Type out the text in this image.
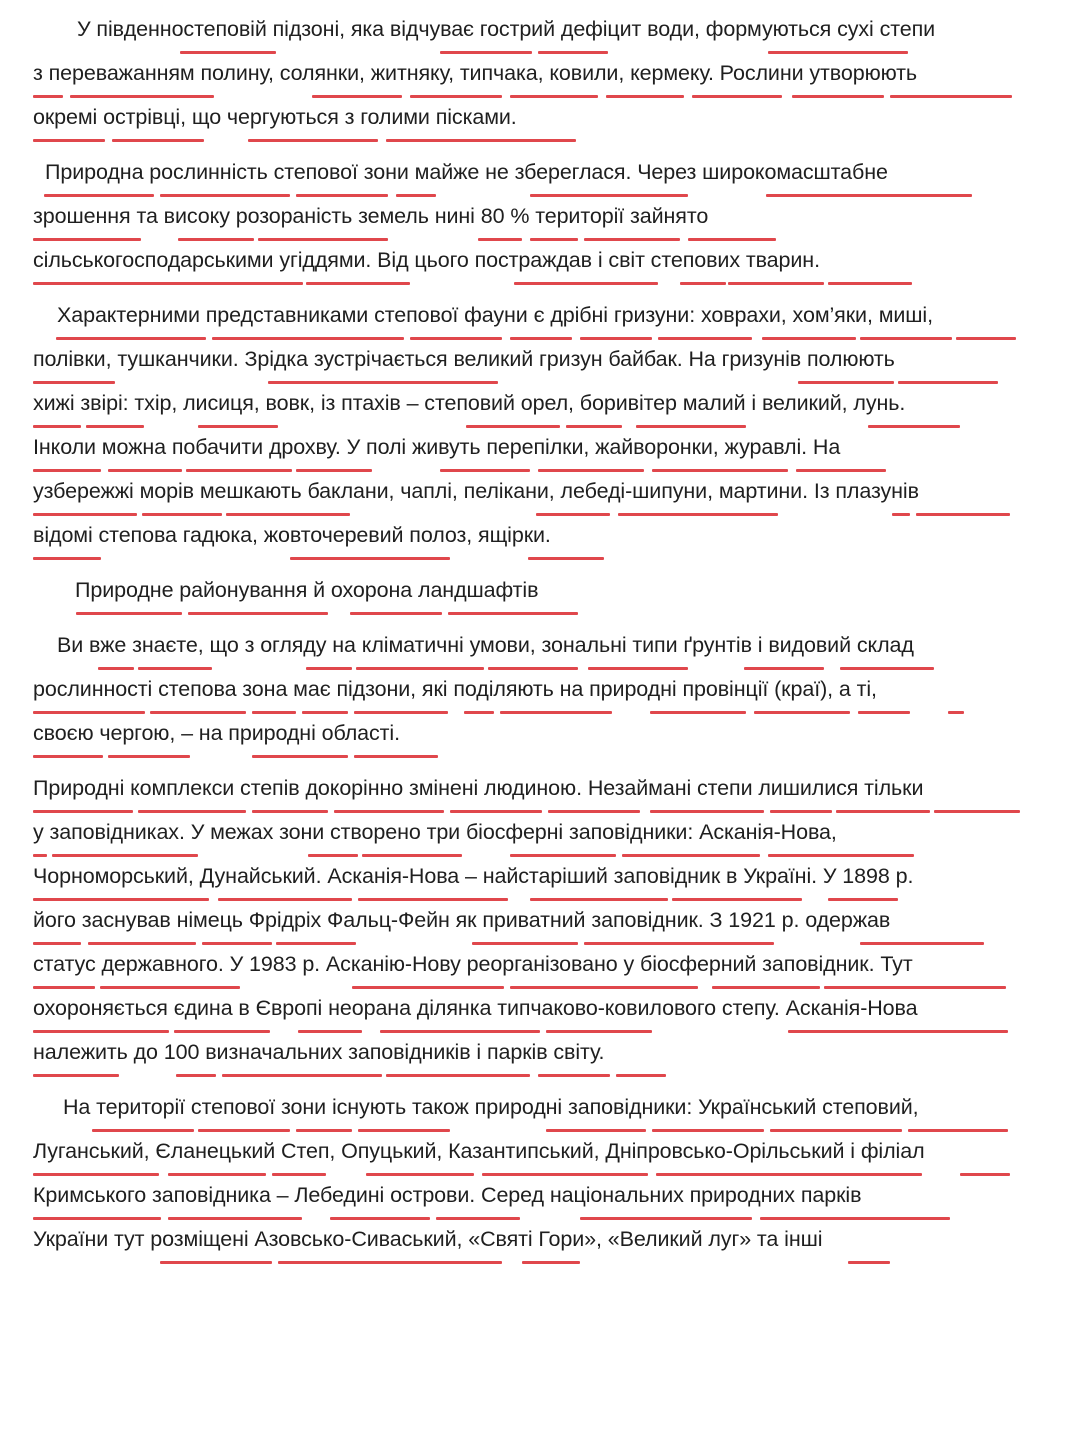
У південностеповій підзоні, яка відчуває гострий дефіцит води, формуються сухі степи
з переважанням полину, солянки, житняку, типчака, ковили, кермеку. Рослини утворюють
окремі острівці, що чергуються з голими пісками.
Природна рослинність степової зони майже не збереглася. Через широкомасштабне
зрошення та високу розораність земель нині 80 % території зайнято
сільськогосподарськими угіддями. Від цього постраждав і світ степових тварин.
Характерними представниками степової фауни є дрібні гризуни: ховрахи, хом’яки, миші,
полівки, тушканчики. Зрідка зустрічається великий гризун байбак. На гризунів полюють
хижі звірі: тхір, лисиця, вовк, із птахів – степовий орел, боривітер малий і великий, лунь.
Інколи можна побачити дрохву. У полі живуть перепілки, жайворонки, журавлі. На
узбережжі морів мешкають баклани, чаплі, пелікани, лебеді-шипуни, мартини. Із плазунів
відомі степова гадюка, жовточеревий полоз, ящірки.
Природне районування й охорона ландшафтів
Ви вже знаєте, що з огляду на кліматичні умови, зональні типи ґрунтів і видовий склад
рослинності степова зона має підзони, які поділяють на природні провінції (краї), а ті,
своєю чергою, – на природні області.
Природні комплекси степів докорінно змінені людиною. Незаймані степи лишилися тільки
у заповідниках. У межах зони створено три біосферні заповідники: Асканія-Нова,
Чорноморський, Дунайський. Асканія-Нова – найстаріший заповідник в Україні. У 1898 р.
його заснував німець Фрідріх Фальц-Фейн як приватний заповідник. З 1921 р. одержав
статус державного. У 1983 р. Асканію-Нову реорганізовано у біосферний заповідник. Тут
охороняється єдина в Європі неорана ділянка типчаково-ковилового степу. Асканія-Нова
належить до 100 визначальних заповідників і парків світу.
На території степової зони існують також природні заповідники: Український степовий,
Луганський, Єланецький Степ, Опуцький, Казантипський, Дніпровсько-Орільський і філіал
Кримського заповідника – Лебедині острови. Серед національних природних парків
України тут розміщені Азовсько-Сиваський, «Святі Гори», «Великий луг» та інші
